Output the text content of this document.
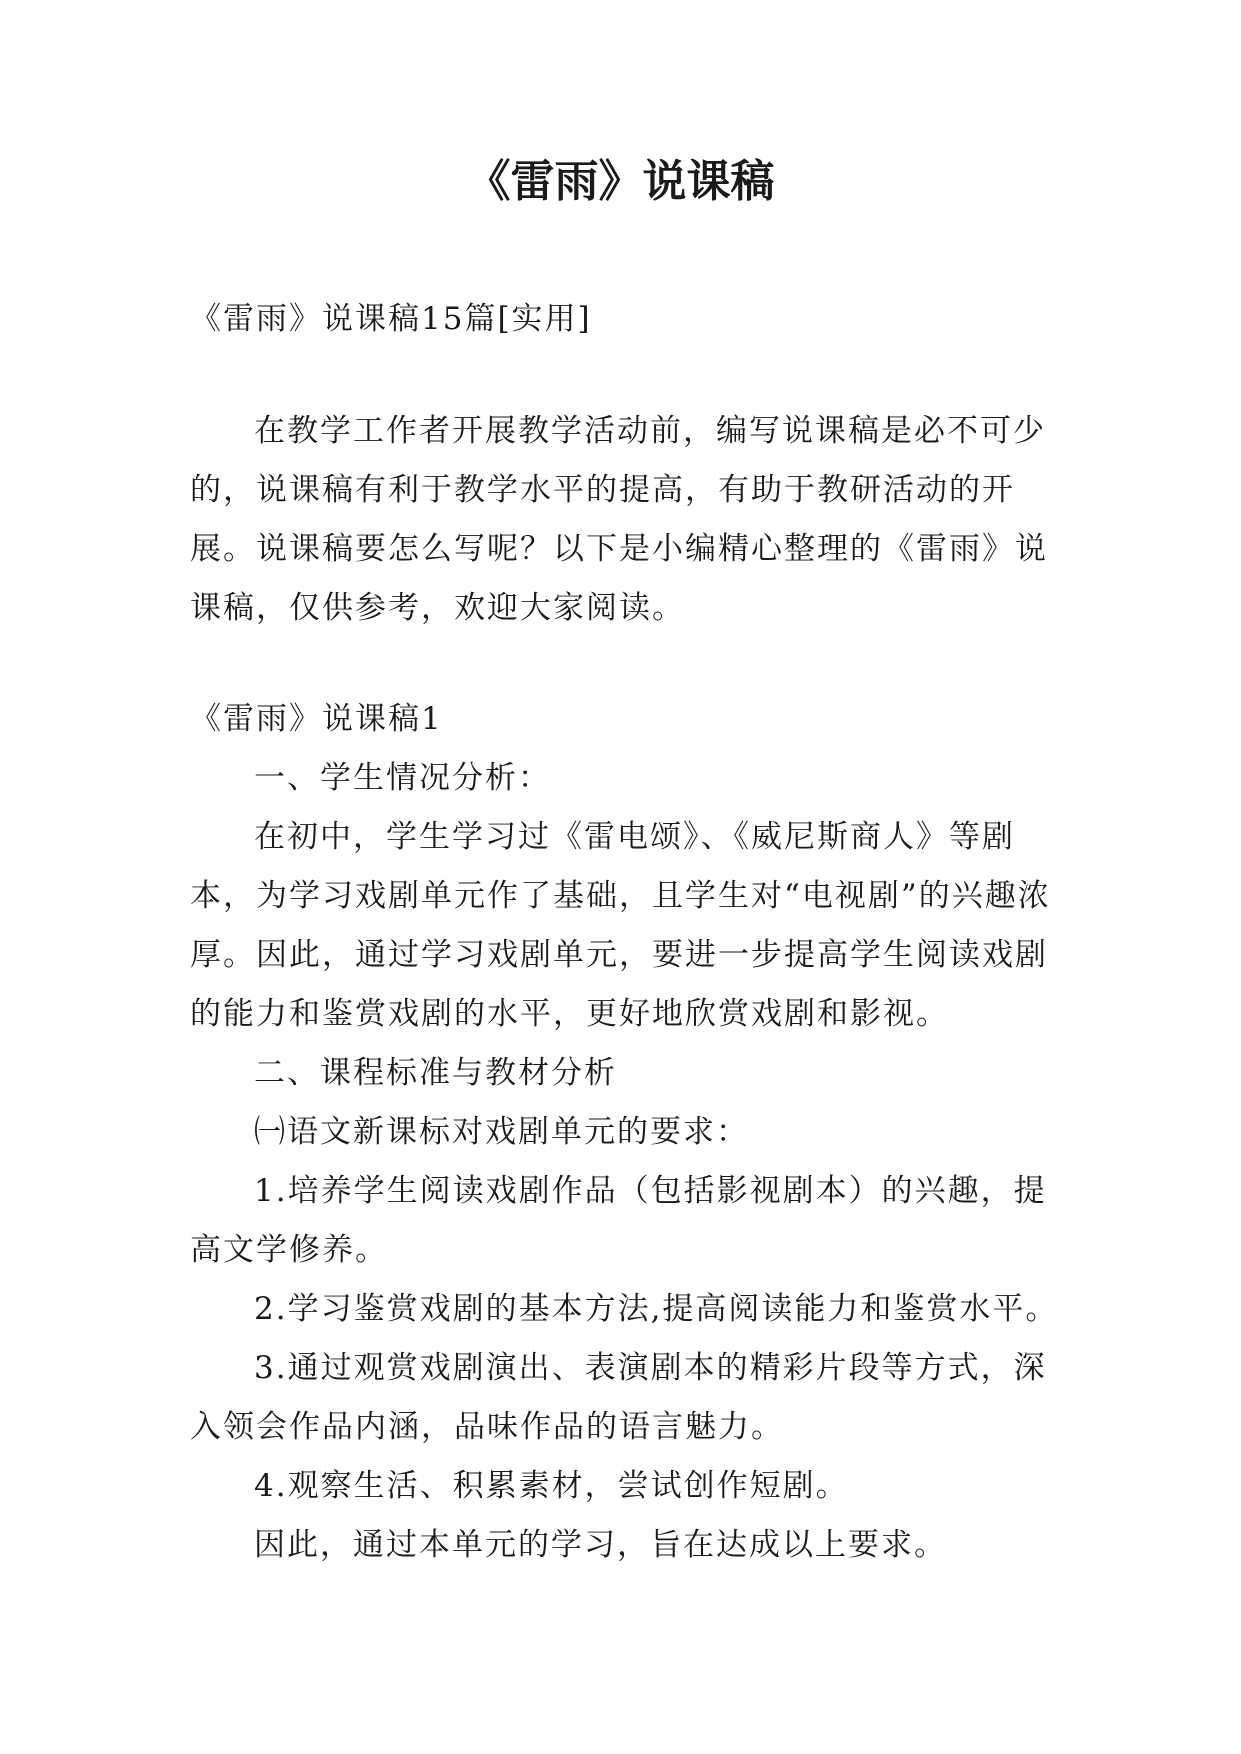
《雷雨》说课稿

《雷雨》说课稿15篇[实用]

在教学工作者开展教学活动前，编写说课稿是必不可少的，说课稿有利于教学水平的提高，有助于教研活动的开展。说课稿要怎么写呢？以下是小编精心整理的《雷雨》说课稿，仅供参考，欢迎大家阅读。

《雷雨》说课稿1

一、学生情况分析：

在初中，学生学习过《雷电颂》、《威尼斯商人》等剧本，为学习戏剧单元作了基础，且学生对“电视剧”的兴趣浓厚。因此，通过学习戏剧单元，要进一步提高学生阅读戏剧的能力和鉴赏戏剧的水平，更好地欣赏戏剧和影视。

二、课程标准与教材分析

㈠语文新课标对戏剧单元的要求：

1.培养学生阅读戏剧作品（包括影视剧本）的兴趣，提高文学修养。

2.学习鉴赏戏剧的基本方法,提高阅读能力和鉴赏水平。

3.通过观赏戏剧演出、表演剧本的精彩片段等方式，深入领会作品内涵，品味作品的语言魅力。

4.观察生活、积累素材，尝试创作短剧。

因此，通过本单元的学习，旨在达成以上要求。
